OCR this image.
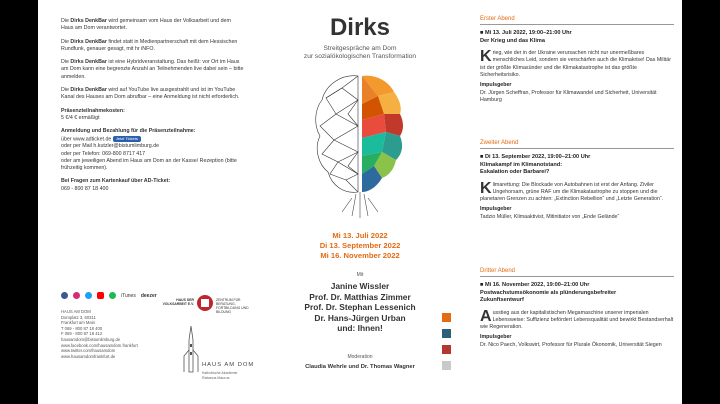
Die Dirks DenkBar wird gemeinsam vom Haus der Volksarbeit und dem Haus am Dom verantwortet.

Die Dirks DenkBar findet statt in Medienpartnerschaft mit dem Hessischen Rundfunk, genauer gesagt, mit hr iNFO.

Die Dirks DenkBar ist eine Hybridveranstaltung. Das heißt: vor Ort im Haus am Dom kann eine begrenzte Anzahl an Teilnehmenden live dabei sein – bitte anmelden.

Die Dirks DenkBar wird auf YouTube live ausgestrahlt und ist im YouTube Kanal des Hauses am Dom abrufbar – eine Anmeldung ist nicht erforderlich.

Präsenzteilnahmekosten:
5 €/4 € ermäßigt

Anmeldung und Bezahlung für die Präsenzteilnahme:
über www.adticket.de Jetzt Tickets
oder per Mail h.kutzler@bistumlimburg.de
oder per Telefon: 069-800 8717 417
oder am jeweiligen Abend im Haus am Dom an der Kasse/ Rezeption (bitte frühzeitig kommen).

Bei Fragen zum Kartenkauf über AD-Ticket:
069 - 800 87 18 400

iTunes deezer
HAUS AM DOM
Domplatz 3, 60311
Frankfurt am Main
T 069 - 800 87 18 400
F 069 - 800 87 18 412
hausamdom@bistumlimburg.de
www.facebook.com/hausamdom.frankfurt
www.twitter.com/hausamdom
www.hausamdomfrankfurt.de
Dirks
Streitgespräche am Dom
zur sozialökologischen Transformation
Mi 13. Juli 2022
Di 13. September 2022
Mi 16. November 2022
Mit
Janine Wissler
Prof. Dr. Matthias Zimmer
Prof. Dr. Stephan Lessenich
Dr. Hans-Jürgen Urban
und: Ihnen!
Moderation
Claudia Wehrle und Dr. Thomas Wagner
HAUS DER VOLKSARBEIT E.V.
ZENTRUM FÜR BERATUNG, FORTBILDUNG UND BILDUNG
HAUS AM DOM
Katholische Akademie
Rabanus Maurus
Erster Abend
■ Mi 13. Juli 2022, 19:00–21:00 Uhr
Der Krieg und das Klima
Krieg, wie der in der Ukraine verursachen nicht nur unermeßbares menschliches Leid, sondern sie verschärfen auch die Klimakrise! Das Militär ist der größte Klimasünder und die Klimakatastrophe ist das größte Sicherheitsrisiko.
Impulsgeber
Dr. Jürgen Scheffran, Professor für Klimawandel und Sicherheit, Universität Hamburg
Zweiter Abend
■ Di 13. September 2022, 19:00–21:00 Uhr
Klimakampf im Klimanotstand:
Eskalation oder Barbarei?
Klimarettung: Die Blockade von Autobahnen ist erst der Anfang. Ziviler Ungehorsam, grüne RAF um die Klimakatastrophe zu stoppen und die planetaren Grenzen zu achten: „Extinction Rebellion“ und „Letzte Generation“.
Impulsgeber
Tadzio Müller, Klimaaktivist, Mitinitiator von „Ende Gelände“
Dritter Abend
■ Mi 16. November 2022, 19:00–21:00 Uhr
Postwachstumsökonomie als plünderungsbefreiter
Zukunftsentwurf
Ausstieg aus der kapitalistischen Megamaschine unserer imperialen Lebensweise: Suffizienz befördert Lebensqualität und bewirkt Bestandserhalt wie Regeneration.
Impulsgeber
Dr. Nico Paech, Volkswirt, Professor für Plurale Ökonomik, Universität Siegen
